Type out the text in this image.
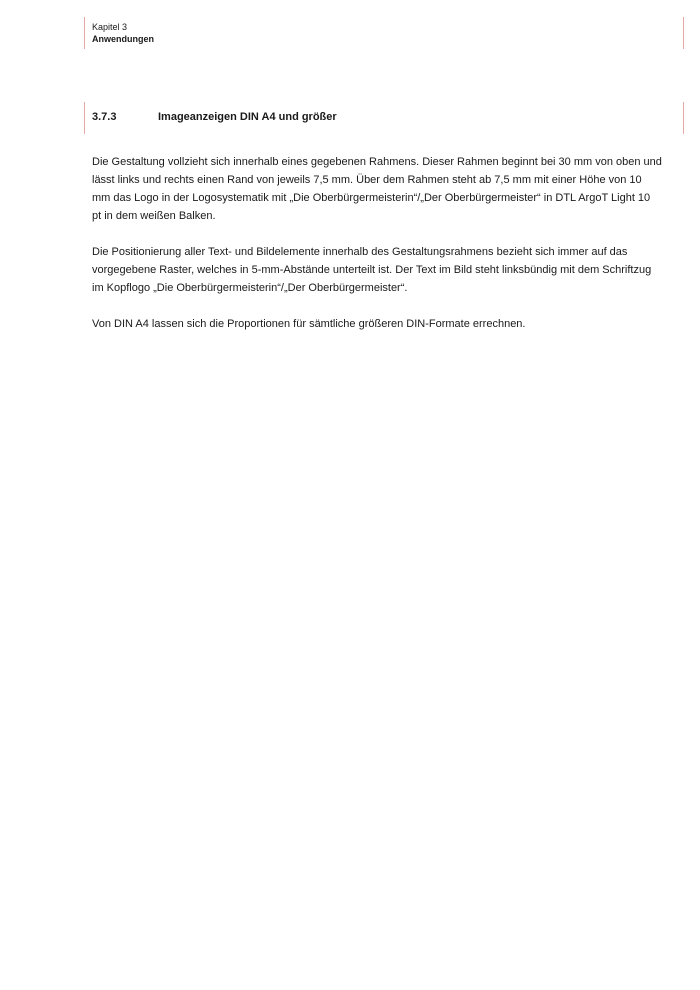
Kapitel 3
Anwendungen
3.7.3	Imageanzeigen DIN A4 und größer

Die Gestaltung vollzieht sich innerhalb eines gegebenen Rahmens. Dieser Rahmen beginnt bei 30 mm von oben und lässt links und rechts einen Rand von jeweils 7,5 mm. Über dem Rahmen steht ab 7,5 mm mit einer Höhe von 10 mm das Logo in der Logosystematik mit „Die Oberbürgermeisterin“/„Der Oberbürgermeister“ in DTL ArgoT Light 10 pt in dem weißen Balken.

Die Positionierung aller Text- und Bildelemente innerhalb des Gestaltungsrahmens bezieht sich immer auf das vorgegebene Raster, welches in 5-mm-Abstände unterteilt ist. Der Text im Bild steht linksbündig mit dem Schriftzug im Kopflogo „Die Oberbürgermeisterin“/„Der Oberbürgermeister“.

Von DIN A4 lassen sich die Proportionen für sämtliche größeren DIN-Formate errechnen.
